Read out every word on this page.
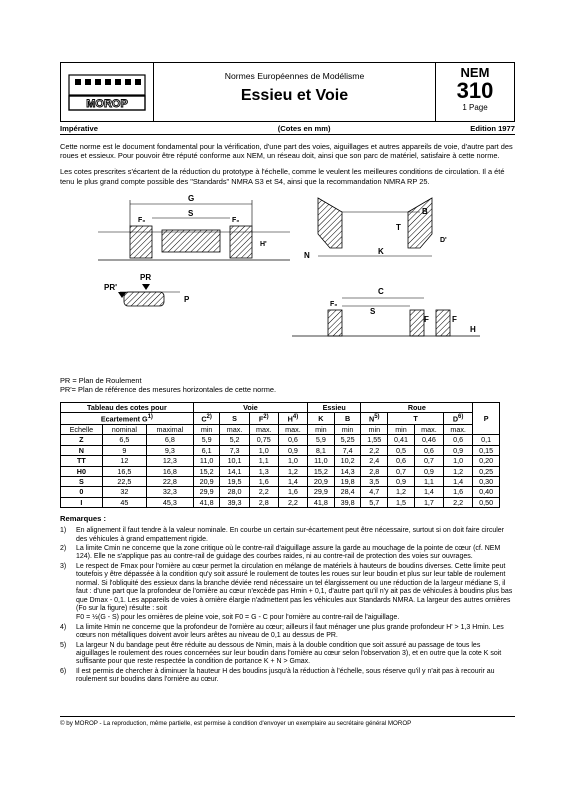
MOROP
Normes Européennes de Modélisme
Essieu et Voie
NEM
310
1 Page
Impérative	(Cotes en mm)	Edition 1977

Cette norme est le document fondamental pour la vérification, d'une part des voies, aiguillages et autres appareils de voie, d'autre part des roues et essieux. Pour pouvoir être réputé conforme aux NEM, un réseau doit, ainsi que son parc de matériel, satisfaire à cette norme.

Les cotes prescrites s'écartent de la réduction du prototype à l'échelle, comme le veulent les meilleures conditions de circulation. Il a été tenu le plus grand compte possible des "Standards" NMRA S3 et S4, ainsi que la recommandation NMRA RP 25.

G
S
F₀	F₀
H'
PR
PR'
P
B
T
D'
N	K
C
S
F₀
F	F
H
PR = Plan de Roulement
PR'= Plan de référence des mesures horizontales de cette norme.
Tableau des cotes pour			Voie				Essieu		Roue				P
Ecartement $G^{1)}$			$C^{2)}$	S	$F^{2)}$	$H^{4)}$	K	B	$N^{5)}$	T		$D^{6)}$
Echelle	nominal	maximal	min	max.	max.	max.	min	min	min	min	max.	max.	
Z	6,5	6,8	5,9	5,2	0,75	0,6	5,9	5,25	1,55	0,41	0,46	0,6	0,1
N	9	9,3	6,1	7,3	1,0	0,9	8,1	7,4	2,2	0,5	0,6	0,9	0,15
TT	12	12,3	11,0	10,1	1,1	1,0	11,0	10,2	2,4	0,6	0,7	1,0	0,20
H0	16,5	16,8	15,2	14,1	1,3	1,2	15,2	14,3	2,8	0,7	0,9	1,2	0,25
S	22,5	22,8	20,9	19,5	1,6	1,4	20,9	19,8	3,5	0,9	1,1	1,4	0,30
0	32	32,3	29,9	28,0	2,2	1,6	29,9	28,4	4,7	1,2	1,4	1,6	0,40
I	45	45,3	41,8	39,3	2,8	2,2	41,8	39,8	5,7	1,5	1,7	2,2	0,50
Remarques :
1) En alignement il faut tendre à la valeur nominale. En courbe un certain sur-écartement peut être nécessaire, surtout si on doit faire circuler des véhicules à grand empattement rigide.
2) La limite Cmin ne concerne que la zone critique où le contre-rail d'aiguillage assure la garde au mouchage de la pointe de cœur (cf. NEM 124). Elle ne s'applique pas au contre-rail de guidage des courbes raides, ni au contre-rail de protection des voies sur ouvrages.
3) Le respect de Fmax pour l'ornière au cœur permet la circulation en mélange de matériels à hauteurs de boudins diverses. Cette limite peut toutefois y être dépassée à la condition qu'y soit assuré le roulement de toutes les roues sur leur boudin et plus sur leur table de roulement normal. Si l'obliquité des essieux dans la branche déviée rend nécessaire un tel élargissement ou une réduction de la largeur médiane S, il faut : d'une part que la profondeur de l'ornière au cœur n'excède pas Hmin + 0,1, d'autre part qu'il n'y ait pas de véhicules à boudins plus bas que Dmax - 0,1. Les appareils de voies à ornière élargie n'admettent pas les véhicules aux Standards NMRA. La largeur des autres ornières (Fo sur la figure) résulte : soit
F0 = ½(G - S) pour les ornières de pleine voie, soit F0 = G - C pour l'ornière au contre-rail de l'aiguillage.
4) La limite Hmin ne concerne que la profondeur de l'ornière au cœur; ailleurs il faut ménager une plus grande profondeur H' > 1,3 Hmin. Les cœurs non métalliques doivent avoir leurs arêtes au niveau de 0,1 au dessus de PR.
5) La largeur N du bandage peut être réduite au dessous de Nmin, mais à la double condition que soit assuré au passage de tous les aiguillages le roulement des roues concernées sur leur boudin dans l'ornière au cœur selon l'observation 3), et en outre que la cote K soit suffisante pour que reste respectée la condition de portance K + N > Gmax.
6) Il est permis de chercher à diminuer la hauteur H des boudins jusqu'à la réduction à l'échelle, sous réserve qu'il y n'ait pas à recourir au roulement sur boudins dans l'ornière au cœur.
© by MOROP - La reproduction, même partielle, est permise à condition d'envoyer un exemplaire au secrétaire général MOROP
